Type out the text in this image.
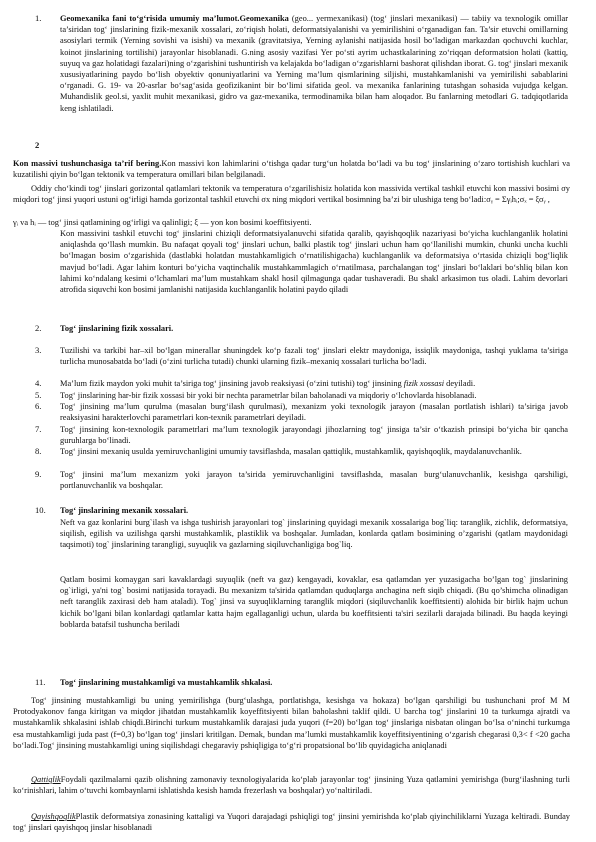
1. Geomexanika fani to‘g‘risida umumiy ma’lumot.Geomexanika (geo... yermexanikasi) (tog‘ jinslari mexanikasi) — tabiiy va texnologik omillar ta’siridan tog‘ jinslarining fizik-mexanik xossalari, zo‘riqish holati, deformatsiyalanishi va yemirilishini o‘rganadigan fan. Ta’sir etuvchi omillarning asosiylari termik (Yerning sovishi va isishi) va mexanik (gravitatsiya, Yerning aylanishi natijasida hosil bo‘ladigan markazdan qochuvchi kuchlar, koinot jinslarining tortilishi) jarayonlar hisoblanadi. G.ning asosiy vazifasi Yer po‘sti ayrim uchastkalarining zo‘riqqan deformatsion holati (kattiq, suyuq va gaz holatidagi fazalari)ning o‘zgarishini tushuntirish va kelajakda bo‘ladigan o‘zgarishlarni bashorat qilishdan iborat. G. tog‘ jinslari mexanik xususiyatlarining paydo bo‘lish obyektiv qonuniyatlarini va Yerning ma’lum qismlarining siljishi, mustahkamlanishi va yemirilishi sabablarini o‘rganadi. G. 19- va 20-asrlar bo‘sag‘asida geofizikanint bir bo‘limi sifatida geol. va mexanika fanlarining tutashgan sohasida vujudga kelgan. Muhandislik geol.si, yaxlit muhit mexanikasi, gidro va gaz-mexanika, termodinamika bilan ham aloqador. Bu fanlarning metodlari G. tadqiqotlarida keng ishlatiladi.
2
Kon massivi tushunchasiga ta’rif bering.Kon massivi kon lahimlarini o‘tishga qadar turg‘un holatda bo‘ladi va bu tog‘ jinslarining o‘zaro tortishish kuchlari va kuzatilishi qiyin bo‘lgan tektonik va temperatura omillari bilan belgilanadi.
Oddiy cho‘kindi tog‘ jinslari gorizontal qatlamlari tektonik va temperatura o‘zgarilishisiz holatida kon massivida vertikal tashkil etuvchi kon massivi bosimi σy miqdori tog‘ jinsi yuqori ustuni og‘irligi hamda gorizontal tashkil etuvchi σx ning miqdori vertikal bosimning ba’zi bir ulushiga teng bo‘ladi:σᵧ = Σγᵢhᵢ;σₓ = ξσᵧ ,
γᵢ va hᵢ — tog‘ jinsi qatlamining og‘irligi va qalinligi; ξ — yon kon bosimi koeffitsiyenti.
Kon massivini tashkil etuvchi tog‘ jinslarini chiziqli deformatsiyalanuvchi sifatida qaralib, qayishqoqlik nazariyasi bo‘yicha kuchlanganlik holatini aniqlashda qo‘llash mumkin. Bu nafaqat qoyali tog‘ jinslari uchun, balki plastik tog‘ jinslari uchun ham qo‘llanilishi mumkin, chunki uncha kuchli bo‘lmagan bosim o‘zgarishida (dastlabki holatdan mustahkamligich o‘rnatilishigacha) kuchlanganlik va deformatsiya o‘rtasida chiziqli bog‘liqlik mavjud bo‘ladi. Agar lahim konturi bo‘yicha vaqtinchalik mustahkammlagich o‘rnatilmasa, parchalangan tog‘ jinslari bo‘laklari bo‘shliq bilan kon lahimi ko‘ndalang kesimi o‘lchamlari ma’lum mustahkam shakl hosil qilmagunga qadar tushaveradi. Bu shakl arkasimon tus oladi. Lahim devorlari atrofida siquvchi kon bosimi jamlanishi natijasida kuchlanganlik holatini paydo qiladi
2. Tog‘ jinslarining fizik xossalari.
3. Tuzilishi va tarkibi har–xil bo‘lgan minerallar shuningdek ko‘p fazali tog‘ jinslari elektr maydoniga, issiqlik maydoniga, tashqi yuklama ta’siriga turlicha munosabatda bo‘ladi (o‘zini turlicha tutadi) chunki ularning fizik–mexaniq xossalari turlicha bo‘ladi.
4. Ma’lum fizik maydon yoki muhit ta’siriga tog‘ jinsining javob reaksiyasi (o‘zini tutishi) tog‘ jinsining fizik xossasi deyiladi.
5. Tog‘ jinslarining har-bir fizik xossasi bir yoki bir nechta parametrlar bilan baholanadi va miqdoriy o‘lchovlarda hisoblanadi.
6. Tog‘ jinsining ma’lum qurulma (masalan burg‘ilash qurulmasi), mexanizm yoki texnologik jarayon (masalan portlatish ishlari) ta’siriga javob reaksiyasini harakterlovchi parametrlari kon-texnik parametrlari deyiladi.
7. Tog‘ jinsining kon-texnologik parametrlari ma’lum texnologik jarayondagi jihozlarning tog‘ jinsiga ta’sir o‘tkazish prinsipi bo‘yicha bir qancha guruhlarga bo‘linadi.
8. Tog‘ jinsini mexaniq usulda yemiruvchanligini umumiy tavsiflashda, masalan qattiqlik, mustahkamlik, qayishqoqlik, maydalanuvchanlik.
9. Tog‘ jinsini ma’lum mexanizm yoki jarayon ta’sirida yemiruvchanligini tavsiflashda, masalan burg‘ulanuvchanlik, kesishga qarshiligi, portlanuvchanlik va boshqalar.
10. Tog‘ jinslarining mexanik xossalari.
Neft va gaz konlarini burg`ilash va ishga tushirish jarayonlari tog` jinslarining quyidagi mexanik xossalariga bog`liq: taranglik, zichlik, deformatsiya, siqilish, egilish va uzilishga qarshi mustahkamlik, plastiklik va boshqalar. Jumladan, konlarda qatlam bosimining o’zgarishi (qatlam maydonidagi taqsimoti) tog` jinslarining tarangligi, suyuqlik va gazlarning siqiluvchanligiga bog`liq.
Qatlam bosimi komaygan sari kavaklardagi suyuqlik (neft va gaz) kengayadi, kovaklar, esa qatlamdan yer yuzasigacha bo’lgan tog` jinslarining og`irligi, ya'ni tog` bosimi natijasida torayadi. Bu mexanizm ta'sirida qatlamdan quduqlarga anchagina neft siqib chiqadi. (Bu qo’shimcha olinadigan neft taranglik zaxirasi deb ham ataladi). Tog` jinsi va suyuqliklarning taranglik miqdori (siqiluvchanlik koeffitsienti) alohida bir birlik hajm uchun kichik bo’lgani bilan konlardagi qatlamlar katta hajm egallaganligi uchun, ularda bu koeffitsienti ta'siri sezilarli darajada bilinadi. Bu haqda keyingi boblarda batafsil tushuncha beriladi
11. Tog‘ jinslarining mustahkamligi va mustahkamlik shkalasi.
Tog‘ jinsining mustahkamligi bu uning yemirilishga (burg‘ulashga, portlatishga, kesishga va hokaza) bo‘lgan qarshiligi bu tushunchani prof M M Protodyakonov fanga kiritgan va miqdor jihatdan mustahkamlik koyeffitsiyenti bilan baholashni taklif qildi. U barcha tog‘ jinslarini 10 ta turkumga ajratdi va mustahkamlik shkalasini ishlab chiqdi.Birinchi turkum mustahkamlik darajasi juda yuqori (f=20) bo‘lgan tog‘ jinslariga nisbatan olingan bo‘lsa o‘ninchi turkumga esa mustahkamligi juda past (f=0,3) bo‘lgan tog‘ jinslari kritilgan. Demak, bundan ma’lumki mustahkamlik koyeffitsiyentining o‘zgarish chegarasi 0,3< f <20 gacha bo‘ladi.Tog‘ jinsining mustahkamligi uning siqilishdagi chegaraviy pshiqligiga to‘g‘ri propatsional bo‘lib quyidagicha aniqlanadi
QattiqlikFoydali qazilmalarni qazib olishning zamonaviy texnologiyalarida ko‘plab jarayonlar tog‘ jinsining Yuza qatlamini yemirishga (burg‘ilashning turli ko‘rinishlari, lahim o‘tuvchi kombaynlarni ishlatishda kesish hamda frezerlash va boshqalar) yo‘naltiriladi.
QayishqoqlikPlastik deformatsiya zonasining kattaligi va Yuqori darajadagi pshiqligi tog‘ jinsini yemirishda ko‘plab qiyinchiliklarni Yuzaga keltiradi. Bunday tog‘ jinslari qayishqoq jinslar hisoblanadi
